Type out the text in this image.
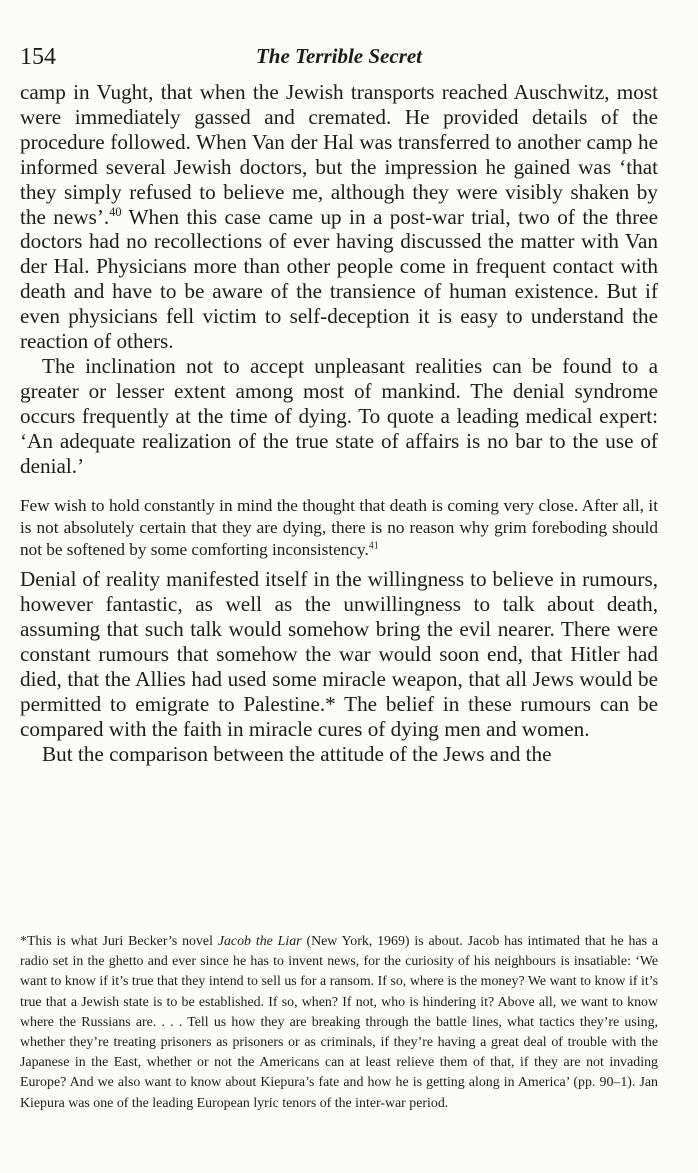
The Terrible Secret
154

camp in Vught, that when the Jewish transports reached Auschwitz, most were immediately gassed and cremated. He provided details of the procedure followed. When Van der Hal was transferred to another camp he informed several Jewish doctors, but the impression he gained was ‘that they simply refused to believe me, although they were visibly shaken by the news’.$^{40}$ When this case came up in a post-war trial, two of the three doctors had no recollections of ever having discussed the matter with Van der Hal. Physicians more than other people come in frequent contact with death and have to be aware of the transience of human existence. But if even physicians fell victim to self-deception it is easy to understand the reaction of others.

The inclination not to accept unpleasant realities can be found to a greater or lesser extent among most of mankind. The denial syndrome occurs frequently at the time of dying. To quote a leading medical expert: ‘An adequate realization of the true state of affairs is no bar to the use of denial.’

Few wish to hold constantly in mind the thought that death is coming very close. After all, it is not absolutely certain that they are dying, there is no reason why grim foreboding should not be softened by some comforting inconsistency.$^{41}$

Denial of reality manifested itself in the willingness to believe in rumours, however fantastic, as well as the unwillingness to talk about death, assuming that such talk would somehow bring the evil nearer. There were constant rumours that somehow the war would soon end, that Hitler had died, that the Allies had used some miracle weapon, that all Jews would be permitted to emigrate to Palestine.* The belief in these rumours can be compared with the faith in miracle cures of dying men and women.

But the comparison between the attitude of the Jews and the

*This is what Juri Becker’s novel Jacob the Liar (New York, 1969) is about. Jacob has intimated that he has a radio set in the ghetto and ever since he has to invent news, for the curiosity of his neighbours is insatiable: ‘We want to know if it’s true that they intend to sell us for a ransom. If so, where is the money? We want to know if it’s true that a Jewish state is to be established. If so, when? If not, who is hindering it? Above all, we want to know where the Russians are. . . . Tell us how they are breaking through the battle lines, what tactics they’re using, whether they’re treating prisoners as prisoners or as criminals, if they’re having a great deal of trouble with the Japanese in the East, whether or not the Americans can at least relieve them of that, if they are not invading Europe? And we also want to know about Kiepura’s fate and how he is getting along in America’ (pp. 90–1). Jan Kiepura was one of the leading European lyric tenors of the inter-war period.
